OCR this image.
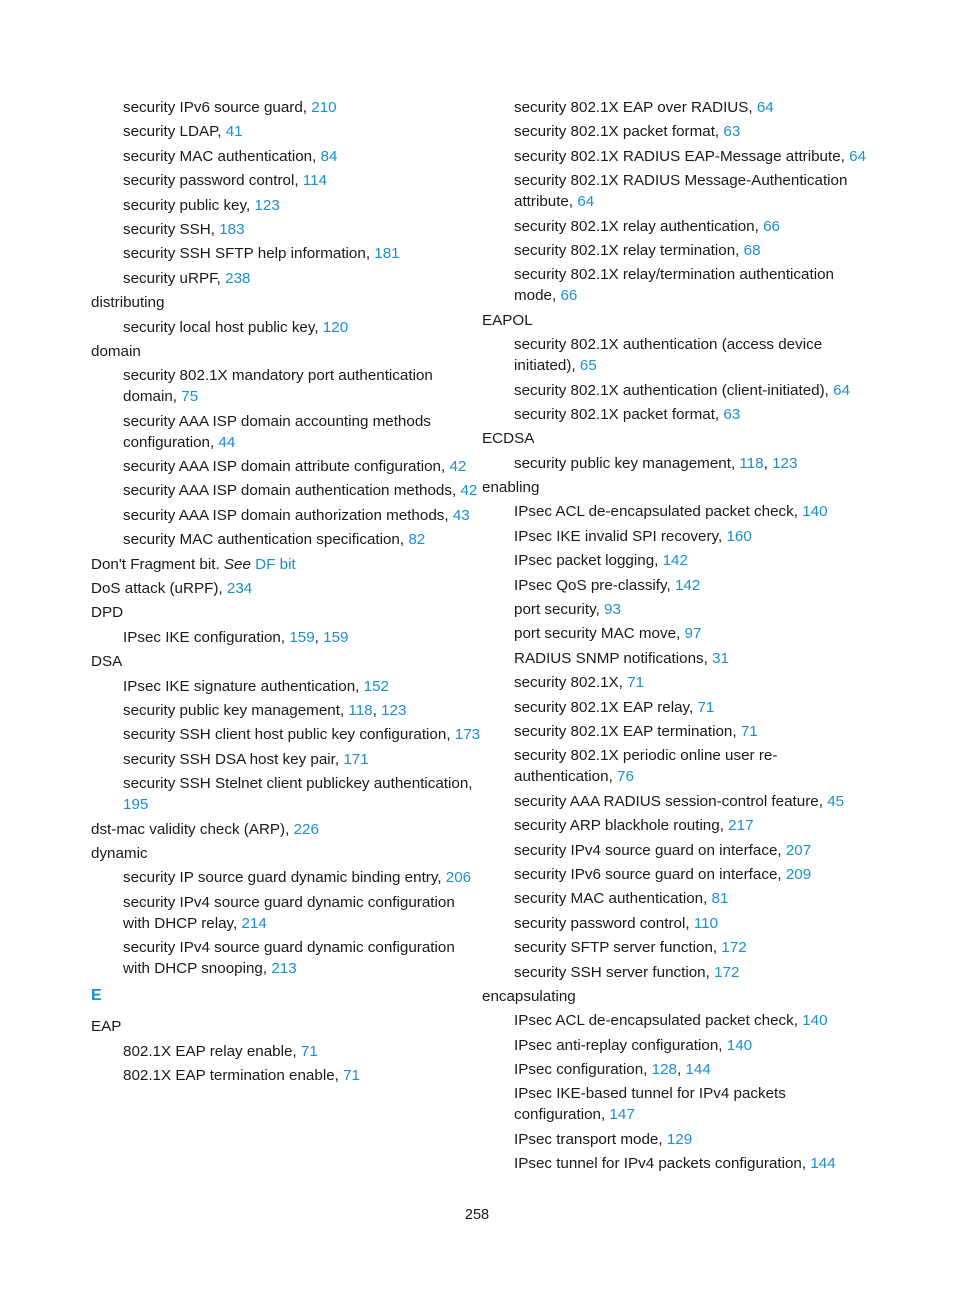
security IPv6 source guard, 210
security LDAP, 41
security MAC authentication, 84
security password control, 114
security public key, 123
security SSH, 183
security SSH SFTP help information, 181
security uRPF, 238
distributing
security local host public key, 120
domain
security 802.1X mandatory port authentication domain, 75
security AAA ISP domain accounting methods configuration, 44
security AAA ISP domain attribute configuration, 42
security AAA ISP domain authentication methods, 42
security AAA ISP domain authorization methods, 43
security MAC authentication specification, 82
Don't Fragment bit. See DF bit
DoS attack (uRPF), 234
DPD
IPsec IKE configuration, 159, 159
DSA
IPsec IKE signature authentication, 152
security public key management, 118, 123
security SSH client host public key configuration, 173
security SSH DSA host key pair, 171
security SSH Stelnet client publickey authentication, 195
dst-mac validity check (ARP), 226
dynamic
security IP source guard dynamic binding entry, 206
security IPv4 source guard dynamic configuration with DHCP relay, 214
security IPv4 source guard dynamic configuration with DHCP snooping, 213
E
EAP
802.1X EAP relay enable, 71
802.1X EAP termination enable, 71
security 802.1X EAP over RADIUS, 64
security 802.1X packet format, 63
security 802.1X RADIUS EAP-Message attribute, 64
security 802.1X RADIUS Message-Authentication attribute, 64
security 802.1X relay authentication, 66
security 802.1X relay termination, 68
security 802.1X relay/termination authentication mode, 66
EAPOL
security 802.1X authentication (access device initiated), 65
security 802.1X authentication (client-initiated), 64
security 802.1X packet format, 63
ECDSA
security public key management, 118, 123
enabling
IPsec ACL de-encapsulated packet check, 140
IPsec IKE invalid SPI recovery, 160
IPsec packet logging, 142
IPsec QoS pre-classify, 142
port security, 93
port security MAC move, 97
RADIUS SNMP notifications, 31
security 802.1X, 71
security 802.1X EAP relay, 71
security 802.1X EAP termination, 71
security 802.1X periodic online user re-authentication, 76
security AAA RADIUS session-control feature, 45
security ARP blackhole routing, 217
security IPv4 source guard on interface, 207
security IPv6 source guard on interface, 209
security MAC authentication, 81
security password control, 110
security SFTP server function, 172
security SSH server function, 172
encapsulating
IPsec ACL de-encapsulated packet check, 140
IPsec anti-replay configuration, 140
IPsec configuration, 128, 144
IPsec IKE-based tunnel for IPv4 packets configuration, 147
IPsec transport mode, 129
IPsec tunnel for IPv4 packets configuration, 144
258
